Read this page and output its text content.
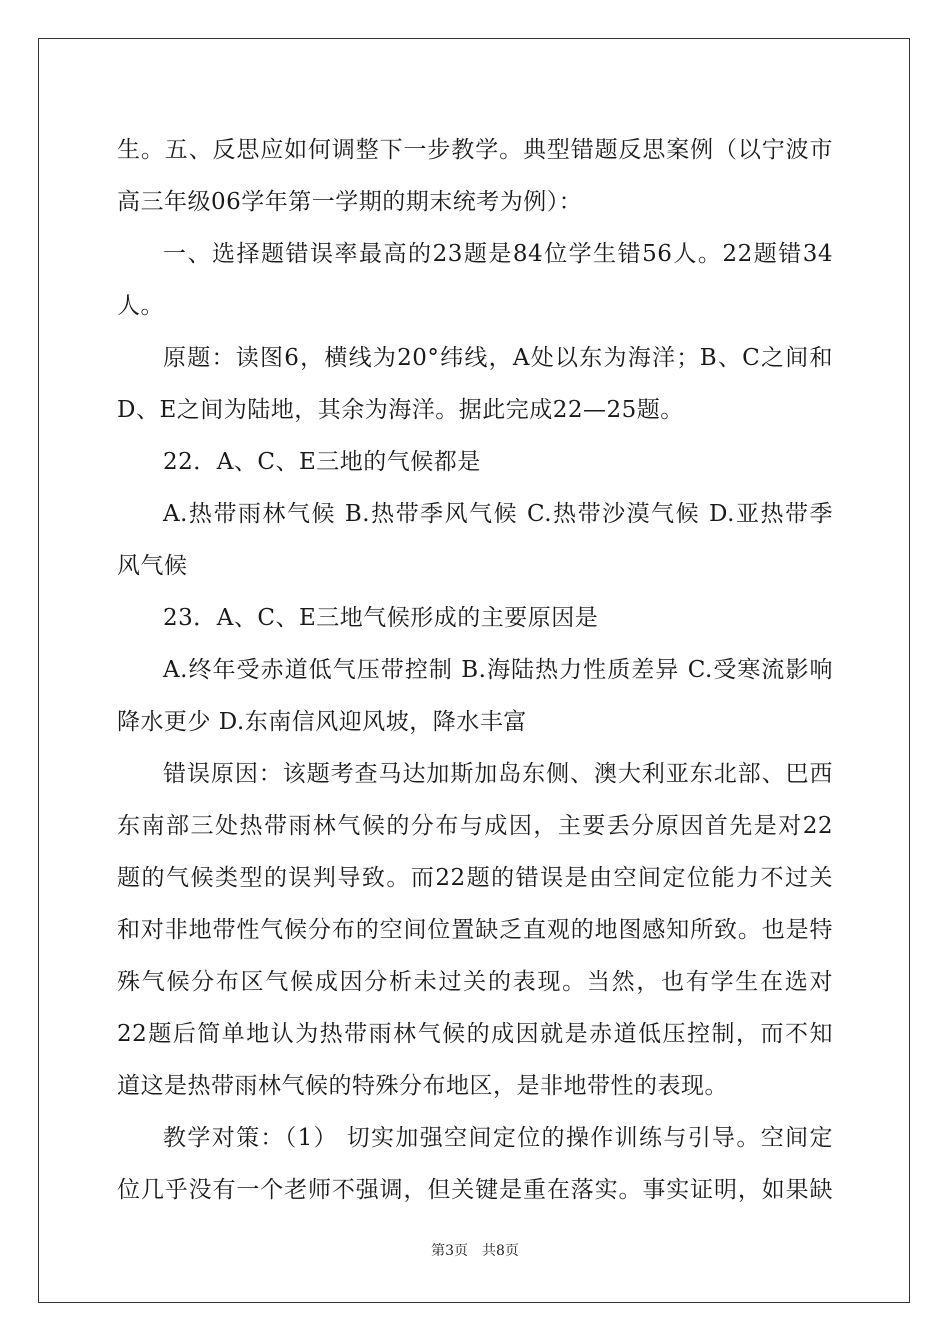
生。五、反思应如何调整下一步教学。典型错题反思案例（以宁波市
高三年级06学年第一学期的期末统考为例）：
一、选择题错误率最高的23题是84位学生错56人。22题错34
人。
原题：读图6，横线为20°纬线，A处以东为海洋；B、C之间和
D、E之间为陆地，其余为海洋。据此完成22—25题。
22．A、C、E三地的气候都是
A.热带雨林气候 B.热带季风气候 C.热带沙漠气候 D.亚热带季
风气候
23．A、C、E三地气候形成的主要原因是
A.终年受赤道低气压带控制 B.海陆热力性质差异 C.受寒流影响
降水更少 D.东南信风迎风坡，降水丰富
错误原因：该题考查马达加斯加岛东侧、澳大利亚东北部、巴西
东南部三处热带雨林气候的分布与成因，主要丢分原因首先是对22
题的气候类型的误判导致。而22题的错误是由空间定位能力不过关
和对非地带性气候分布的空间位置缺乏直观的地图感知所致。也是特
殊气候分布区气候成因分析未过关的表现。当然，也有学生在选对
22题后简单地认为热带雨林气候的成因就是赤道低压控制，而不知
道这是热带雨林气候的特殊分布地区，是非地带性的表现。
教学对策：（1） 切实加强空间定位的操作训练与引导。空间定
位几乎没有一个老师不强调，但关键是重在落实。事实证明，如果缺
第3页　共8页
